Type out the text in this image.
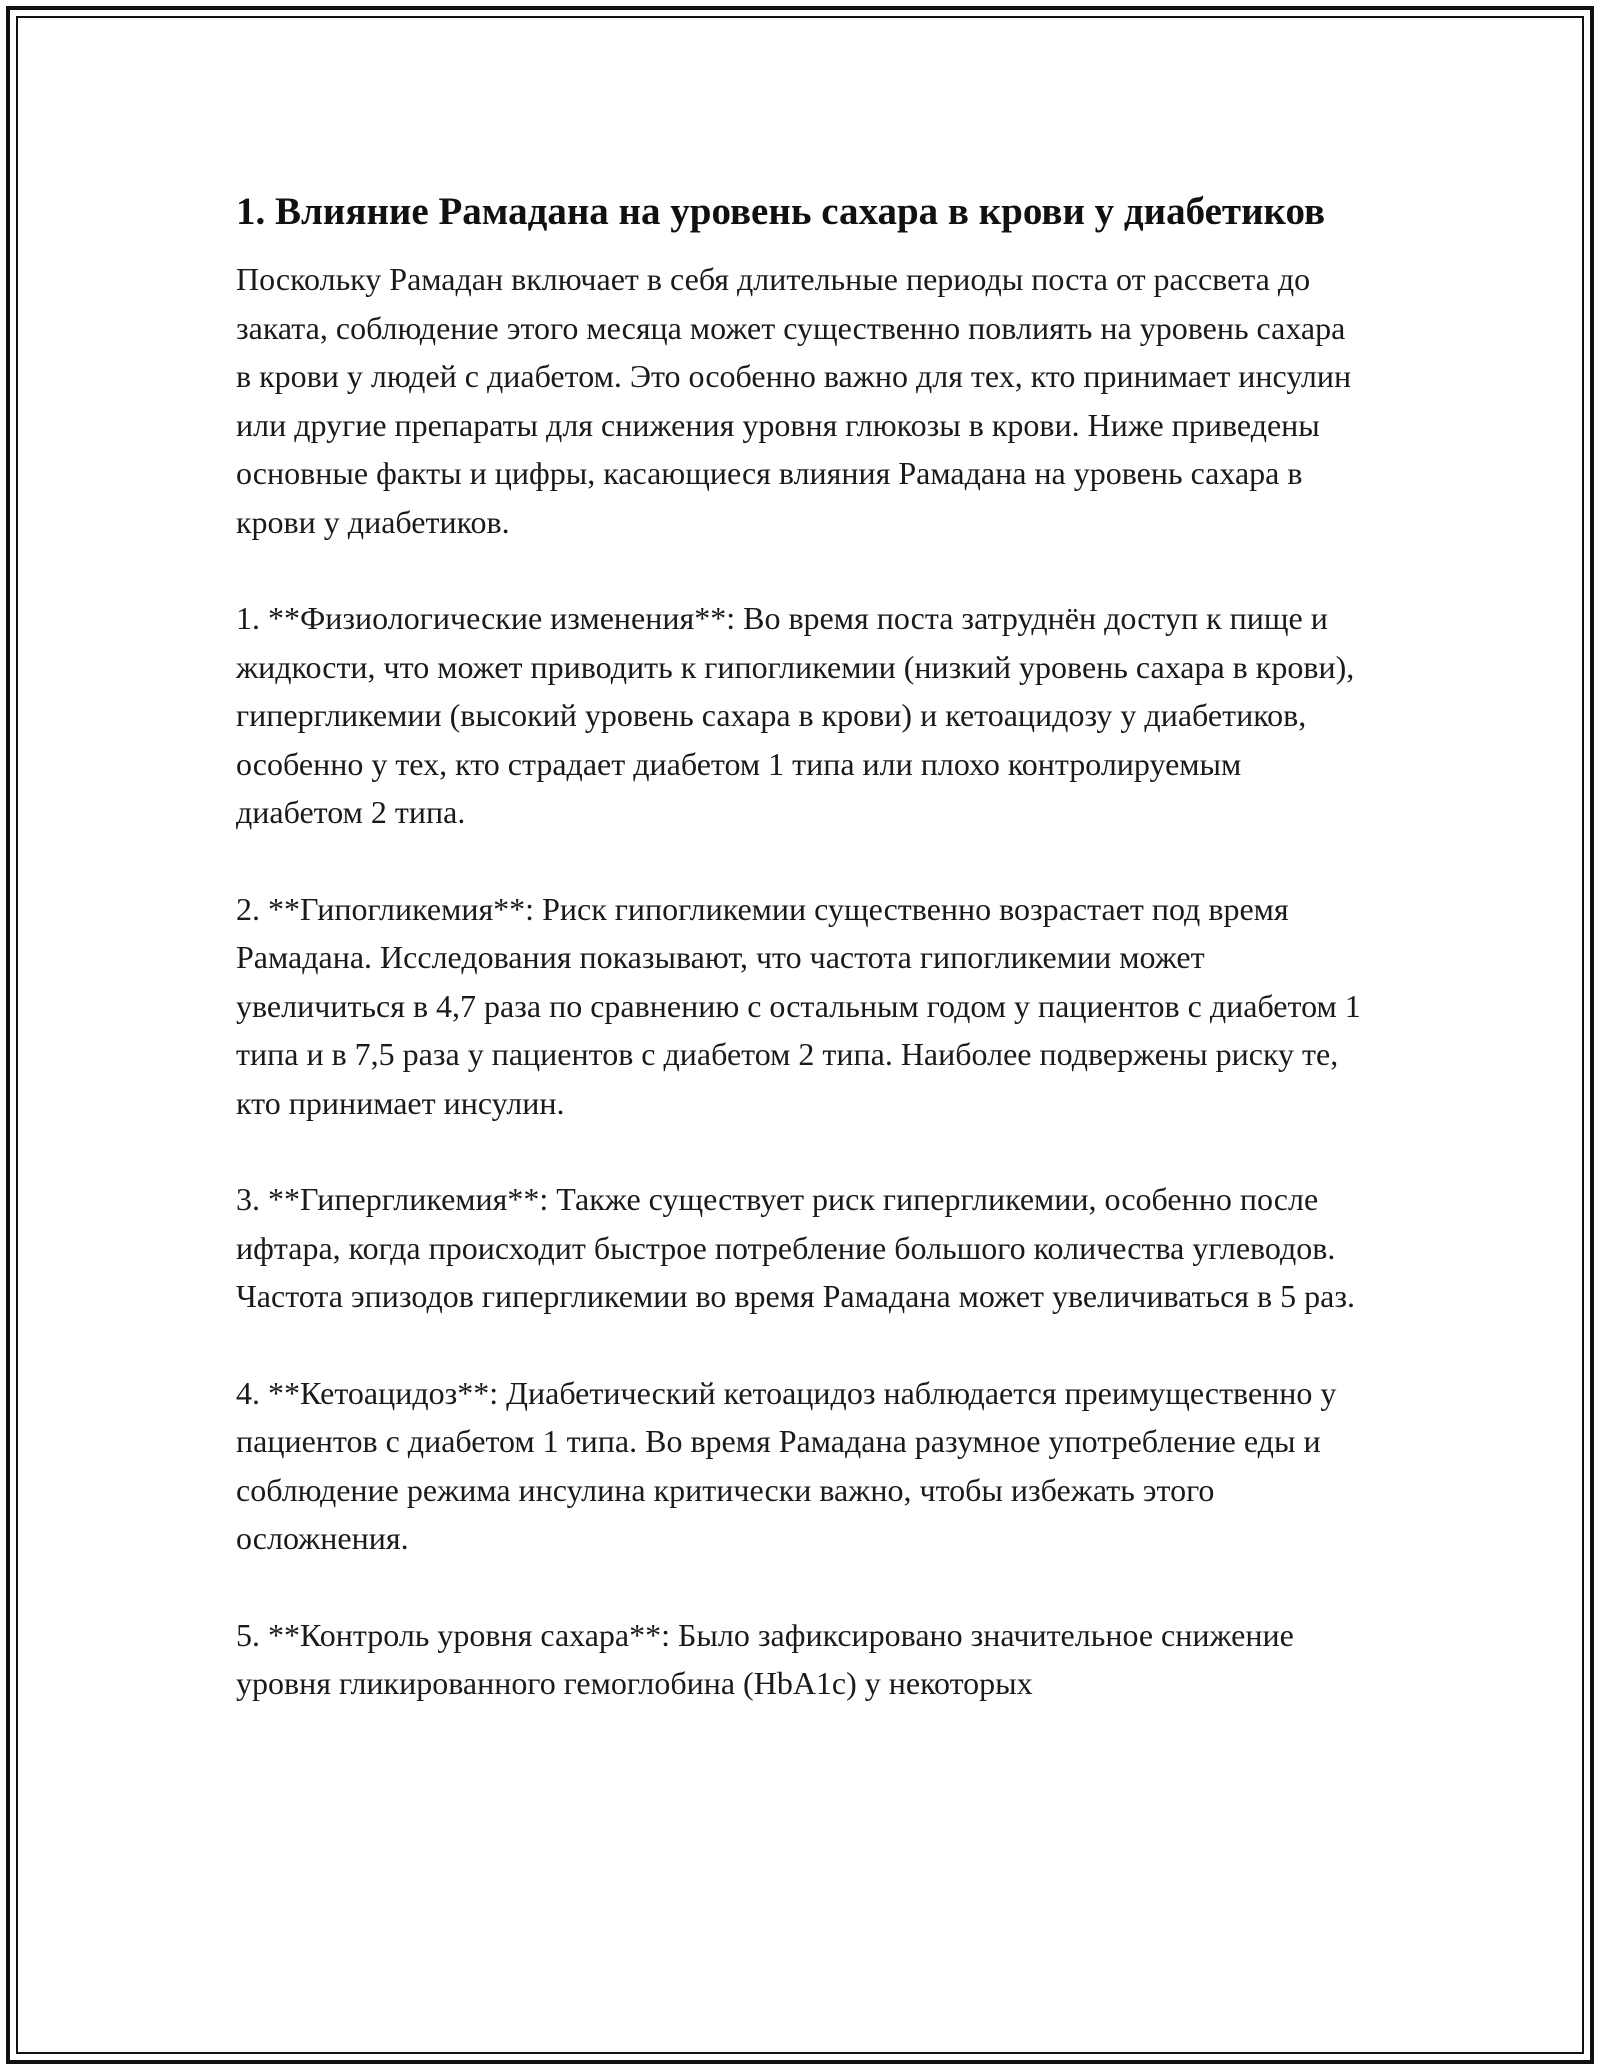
1. Влияние Рамадана на уровень сахара в крови у диабетиков

Поскольку Рамадан включает в себя длительные периоды поста от рассвета до заката, соблюдение этого месяца может существенно повлиять на уровень сахара в крови у людей с диабетом. Это особенно важно для тех, кто принимает инсулин или другие препараты для снижения уровня глюкозы в крови. Ниже приведены основные факты и цифры, касающиеся влияния Рамадана на уровень сахара в крови у диабетиков.

1. **Физиологические изменения**: Во время поста затруднён доступ к пище и жидкости, что может приводить к гипогликемии (низкий уровень сахара в крови), гипергликемии (высокий уровень сахара в крови) и кетоацидозу у диабетиков, особенно у тех, кто страдает диабетом 1 типа или плохо контролируемым диабетом 2 типа.

2. **Гипогликемия**: Риск гипогликемии существенно возрастает под время Рамадана. Исследования показывают, что частота гипогликемии может увеличиться в 4,7 раза по сравнению с остальным годом у пациентов с диабетом 1 типа и в 7,5 раза у пациентов с диабетом 2 типа. Наиболее подвержены риску те, кто принимает инсулин.

3. **Гипергликемия**: Также существует риск гипергликемии, особенно после ифтара, когда происходит быстрое потребление большого количества углеводов. Частота эпизодов гипергликемии во время Рамадана может увеличиваться в 5 раз.

4. **Кетоацидоз**: Диабетический кетоацидоз наблюдается преимущественно у пациентов с диабетом 1 типа. Во время Рамадана разумное употребление еды и соблюдение режима инсулина критически важно, чтобы избежать этого осложнения.

5. **Контроль уровня сахара**: Было зафиксировано значительное снижение уровня гликированного гемоглобина (HbA1c) у некоторых
